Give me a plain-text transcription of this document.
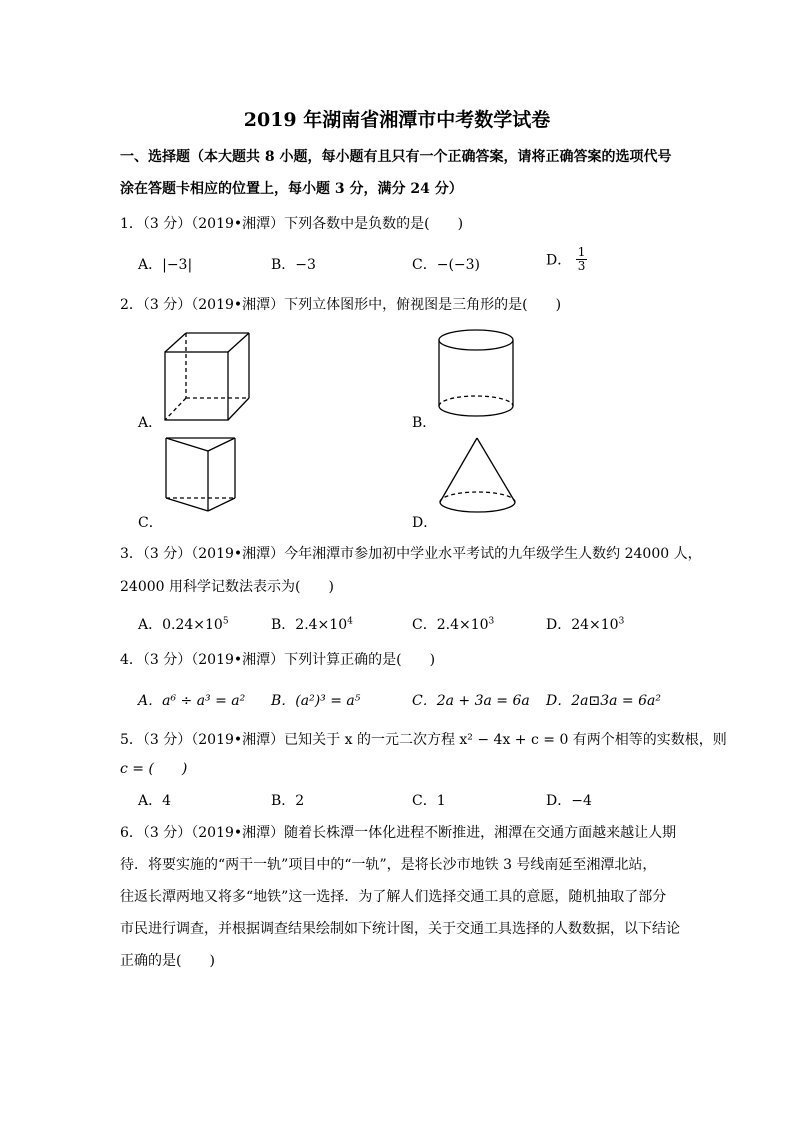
2019 年湖南省湘潭市中考数学试卷
一、选择题（本大题共 8 小题，每小题有且只有一个正确答案，请将正确答案的选项代号
涂在答题卡相应的位置上，每小题 3 分，满分 24 分）
1．（3 分）（2019•湘潭）下列各数中是负数的是(　　)
A．|−3|	B．−3	C．−(−3)	D． $\frac{1}{3}$
2．（3 分）（2019•湘潭）下列立体图形中，俯视图是三角形的是(　　)
A．	B．
C．	D．
3．（3 分）（2019•湘潭）今年湘潭市参加初中学业水平考试的九年级学生人数约 24000 人，
24000 用科学记数法表示为(　　)
A．$0.24\times 10^5$	B．$2.4\times 10^4$	C．$2.4\times 10^3$	D．$24\times 10^3$
4．（3 分）（2019•湘潭）下列计算正确的是(　　)
A．a⁶ ÷ a³ = a² B．(a²)³ = a⁵	C．2a + 3a = 6a D．2a⊡3a = 6a²
5．（3 分）（2019•湘潭）已知关于 x 的一元二次方程 x² − 4x + c = 0 有两个相等的实数根，则
c = (　　)
A．4	B．2	C．1	D．−4
6．（3 分）（2019•湘潭）随着长株潭一体化进程不断推进，湘潭在交通方面越来越让人期
待．将要实施的“两干一轨”项目中的“一轨”，是将长沙市地铁 3 号线南延至湘潭北站，
往返长潭两地又将多“地铁”这一选择．为了解人们选择交通工具的意愿，随机抽取了部分
市民进行调查，并根据调查结果绘制如下统计图，关于交通工具选择的人数数据，以下结论
正确的是(　　)
